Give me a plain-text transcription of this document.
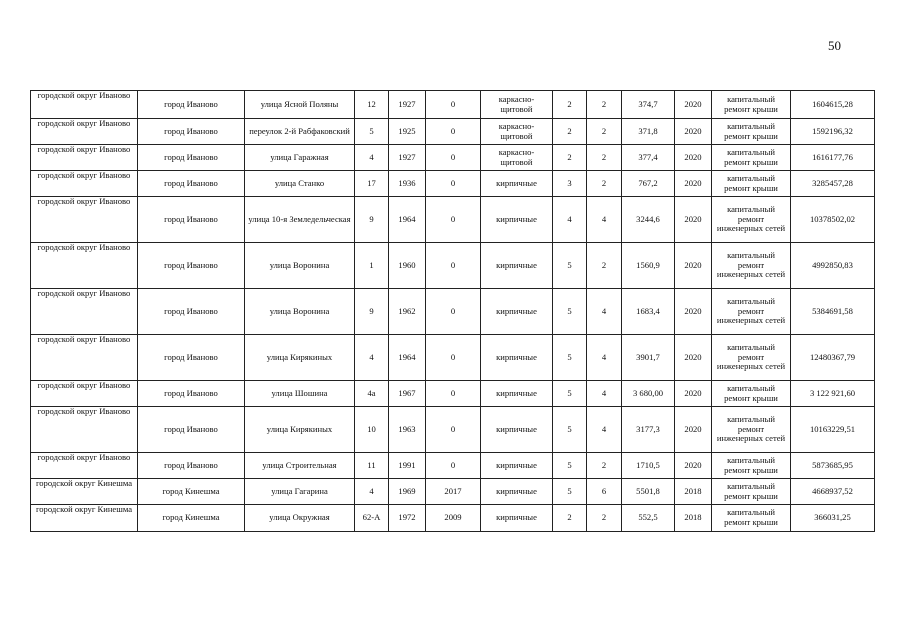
50
городской округ Иваново	город Иваново	улица Ясной Поляны	12	1927	0	каркасно-щитовой	2	2	374,7	2020	капитальный ремонт крыши	1604615,28
городской округ Иваново	город Иваново	переулок 2-й Рабфаковский	5	1925	0	каркасно-щитовой	2	2	371,8	2020	капитальный ремонт крыши	1592196,32
городской округ Иваново	город Иваново	улица Гаражная	4	1927	0	каркасно-щитовой	2	2	377,4	2020	капитальный ремонт крыши	1616177,76
городской округ Иваново	город Иваново	улица Станко	17	1936	0	кирпичные	3	2	767,2	2020	капитальный ремонт крыши	3285457,28
городской округ Иваново	город Иваново	улица 10-я Земледельческая	9	1964	0	кирпичные	4	4	3244,6	2020	капитальный ремонт инженерных сетей	10378502,02
городской округ Иваново	город Иваново	улица Воронина	1	1960	0	кирпичные	5	2	1560,9	2020	капитальный ремонт инженерных сетей	4992850,83
городской округ Иваново	город Иваново	улица Воронина	9	1962	0	кирпичные	5	4	1683,4	2020	капитальный ремонт инженерных сетей	5384691,58
городской округ Иваново	город Иваново	улица Кирякиных	4	1964	0	кирпичные	5	4	3901,7	2020	капитальный ремонт инженерных сетей	12480367,79
городской округ Иваново	город Иваново	улица Шошина	4а	1967	0	кирпичные	5	4	3 680,00	2020	капитальный ремонт крыши	3 122 921,60
городской округ Иваново	город Иваново	улица Кирякиных	10	1963	0	кирпичные	5	4	3177,3	2020	капитальный ремонт инженерных сетей	10163229,51
городской округ Иваново	город Иваново	улица Строительная	11	1991	0	кирпичные	5	2	1710,5	2020	капитальный ремонт крыши	5873685,95
городской округ Кинешма	город Кинешма	улица Гагарина	4	1969	2017	кирпичные	5	6	5501,8	2018	капитальный ремонт крыши	4668937,52
городской округ Кинешма	город Кинешма	улица Окружная	62-А	1972	2009	кирпичные	2	2	552,5	2018	капитальный ремонт крыши	366031,25
